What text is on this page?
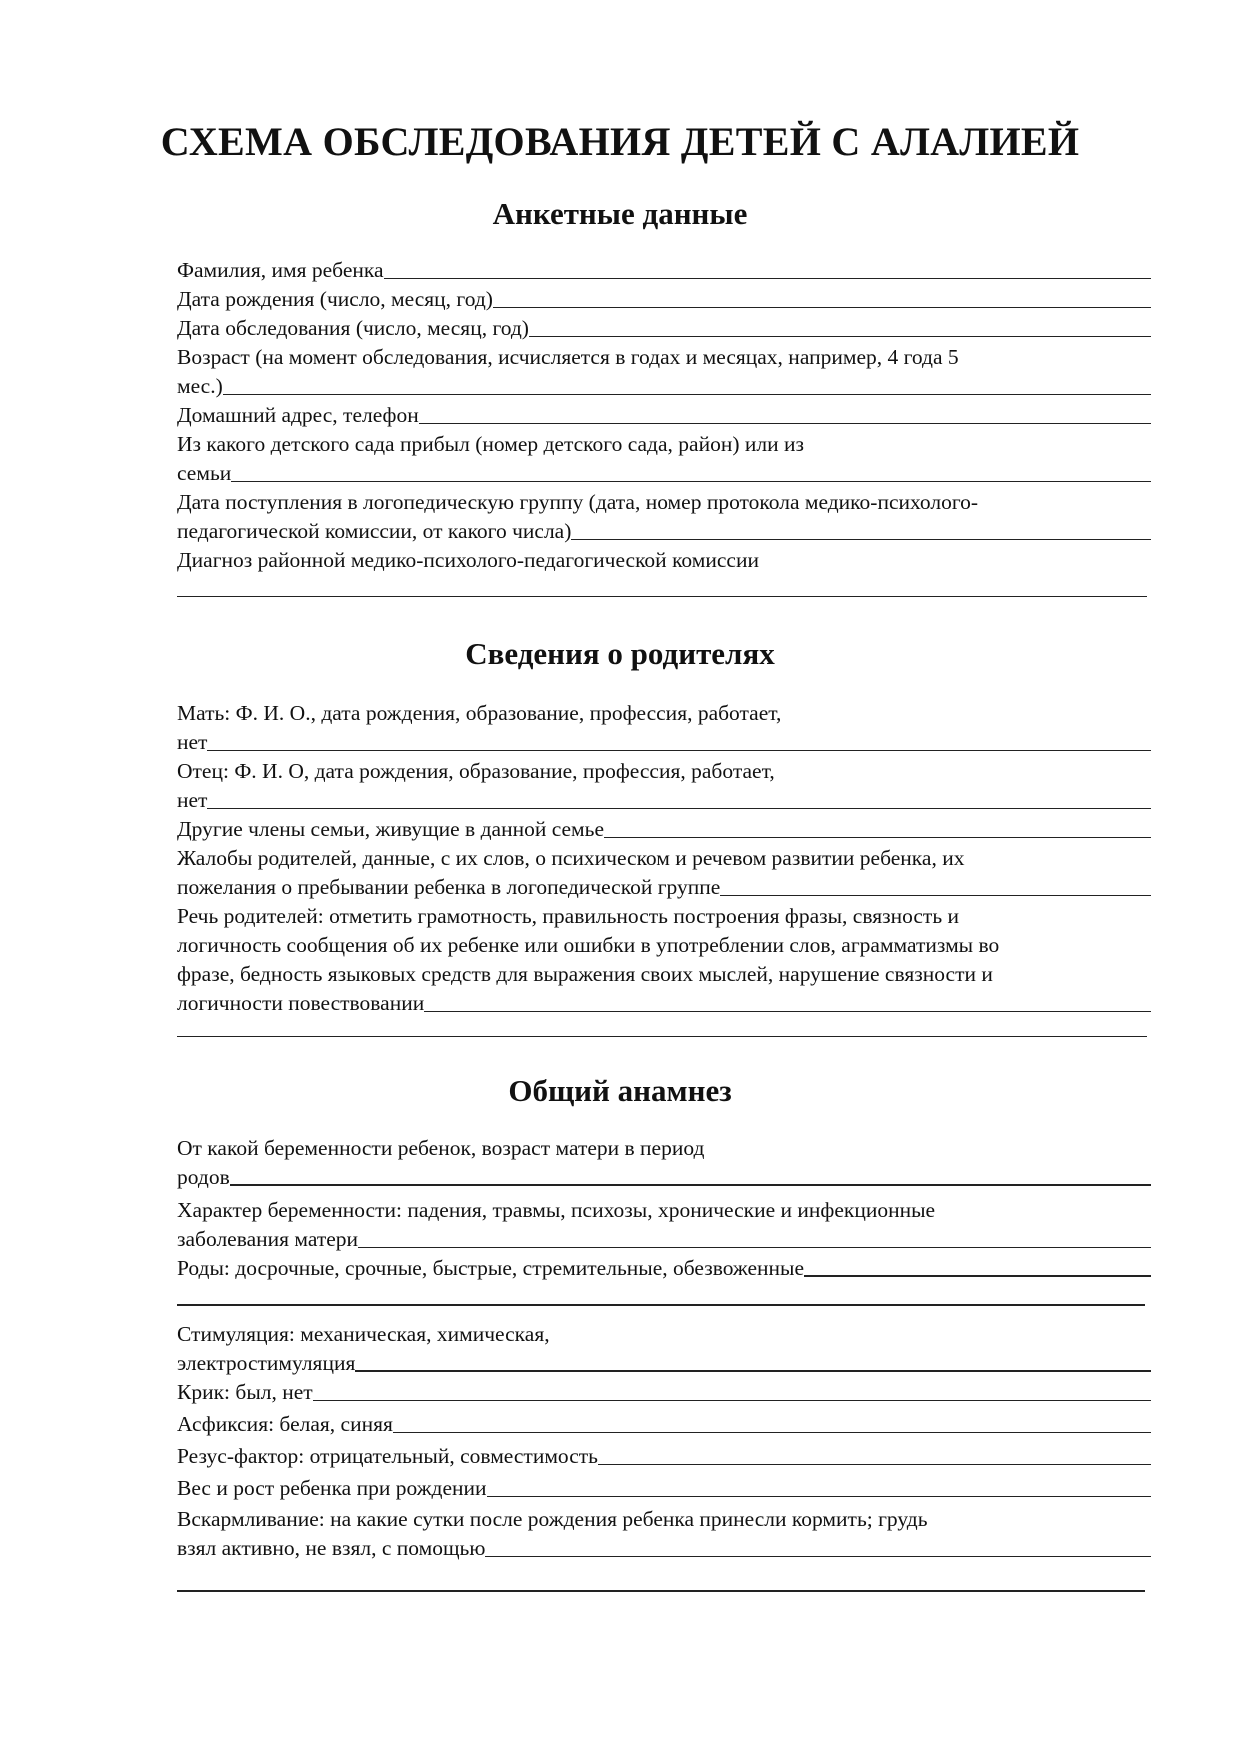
СХЕМА ОБСЛЕДОВАНИЯ ДЕТЕЙ С АЛАЛИЕЙ
Анкетные данные
Фамилия, имя ребенка
Дата рождения (число, месяц, год)
Дата обследования (число, месяц, год)
Возраст (на момент обследования, исчисляется в годах и месяцах, например, 4 года 5
мес.)
Домашний адрес, телефон
Из какого детского сада прибыл (номер детского сада, район) или из
семьи
Дата поступления в логопедическую группу (дата, номер протокола медико-психолого-
педагогической комиссии, от какого числа)
Диагноз районной медико-психолого-педагогической комиссии
Сведения о родителях
Мать: Ф. И. О., дата рождения, образование, профессия, работает,
нет
Отец: Ф. И. О, дата рождения, образование, профессия, работает,
нет
Другие члены семьи, живущие в данной семье
Жалобы родителей, данные, с их слов, о психическом и речевом развитии ребенка, их
пожелания о пребывании ребенка в логопедической группе
Речь родителей: отметить грамотность, правильность построения фразы, связность и
логичность сообщения об их ребенке или ошибки в употреблении слов, аграмматизмы во
фразе, бедность языковых средств для выражения своих мыслей, нарушение связности и
логичности повествовании
Общий анамнез
От какой беременности ребенок, возраст матери в период
родов
Характер беременности: падения, травмы, психозы, хронические и инфекционные
заболевания матери
Роды: досрочные, срочные, быстрые, стремительные, обезвоженные
Стимуляция: механическая, химическая,
электростимуляция
Крик: был, нет
Асфиксия: белая, синяя
Резус-фактор: отрицательный, совместимость
Вес и рост ребенка при рождении
Вскармливание: на какие сутки после рождения ребенка принесли кормить; грудь
взял активно, не взял, с помощью
